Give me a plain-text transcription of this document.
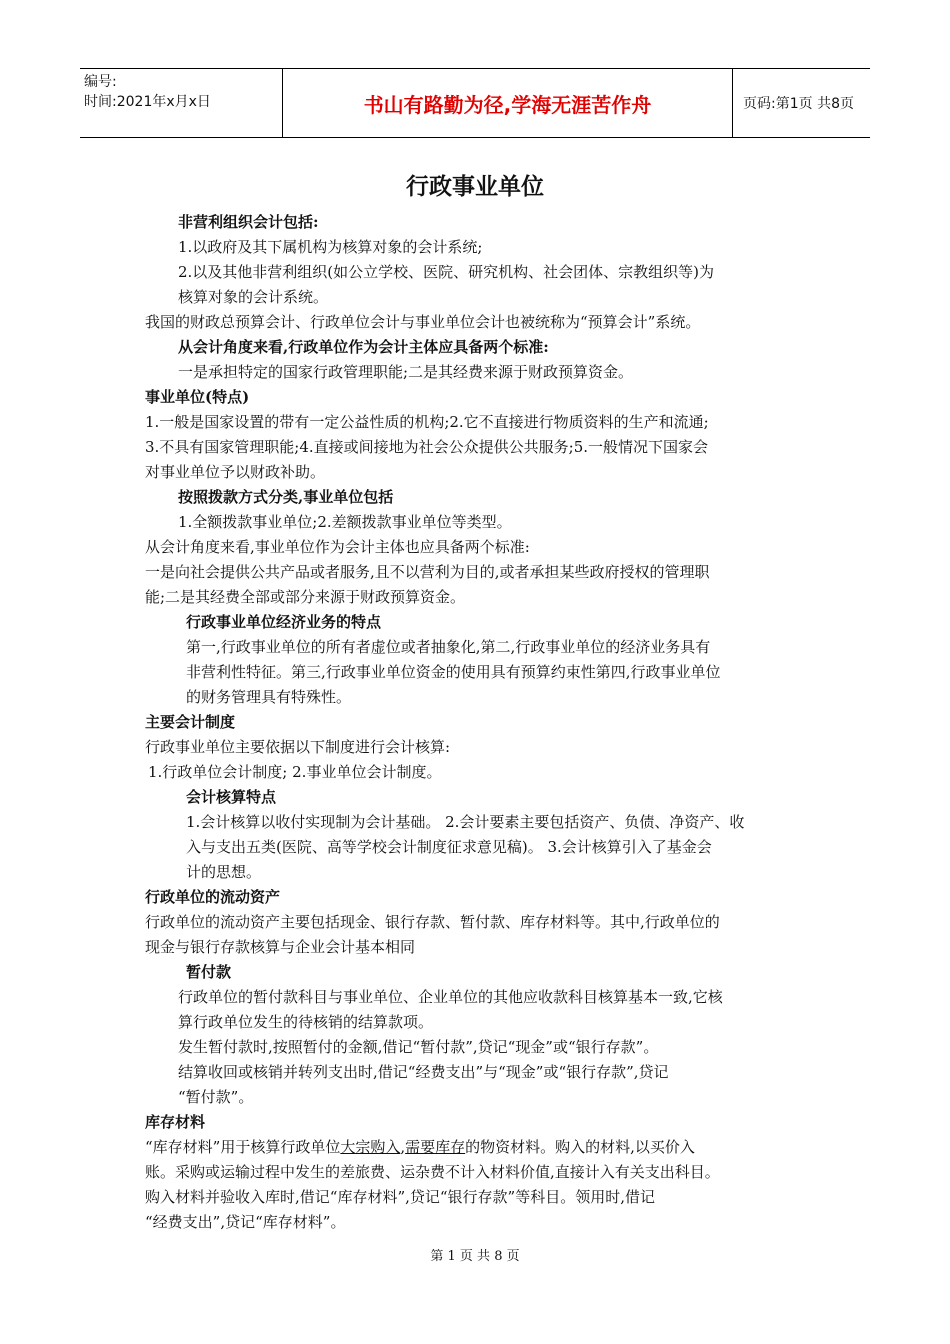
编号:
时间:2021年x月x日	书山有路勤为径,学海无涯苦作舟	页码:第1页 共8页
行政事业单位
非营利组织会计包括:
1.以政府及其下属机构为核算对象的会计系统;
2.以及其他非营利组织(如公立学校、医院、研究机构、社会团体、宗教组织等)为
核算对象的会计系统。
我国的财政总预算会计、行政单位会计与事业单位会计也被统称为“预算会计”系统。
从会计角度来看,行政单位作为会计主体应具备两个标准:
一是承担特定的国家行政管理职能;二是其经费来源于财政预算资金。
事业单位(特点)
1.一般是国家设置的带有一定公益性质的机构;2.它不直接进行物质资料的生产和流通;
3.不具有国家管理职能;4.直接或间接地为社会公众提供公共服务;5.一般情况下国家会
对事业单位予以财政补助。
按照拨款方式分类,事业单位包括
1.全额拨款事业单位;2.差额拨款事业单位等类型。
从会计角度来看,事业单位作为会计主体也应具备两个标准:
一是向社会提供公共产品或者服务,且不以营利为目的,或者承担某些政府授权的管理职
能;二是其经费全部或部分来源于财政预算资金。
行政事业单位经济业务的特点
第一,行政事业单位的所有者虚位或者抽象化,第二,行政事业单位的经济业务具有
非营利性特征。第三,行政事业单位资金的使用具有预算约束性第四,行政事业单位
的财务管理具有特殊性。
主要会计制度
行政事业单位主要依据以下制度进行会计核算:
1.行政单位会计制度; 2.事业单位会计制度。
会计核算特点
1.会计核算以收付实现制为会计基础。 2.会计要素主要包括资产、负债、净资产、收
入与支出五类(医院、高等学校会计制度征求意见稿)。 3.会计核算引入了基金会
计的思想。
行政单位的流动资产
行政单位的流动资产主要包括现金、银行存款、暂付款、库存材料等。其中,行政单位的
现金与银行存款核算与企业会计基本相同
暂付款
行政单位的暂付款科目与事业单位、企业单位的其他应收款科目核算基本一致,它核
算行政单位发生的待核销的结算款项。
发生暂付款时,按照暂付的金额,借记“暂付款”,贷记“现金”或“银行存款”。
结算收回或核销并转列支出时,借记“经费支出”与“现金”或“银行存款”,贷记
“暂付款”。
库存材料
“库存材料”用于核算行政单位大宗购入,需要库存的物资材料。购入的材料,以买价入
账。采购或运输过程中发生的差旅费、运杂费不计入材料价值,直接计入有关支出科目。
购入材料并验收入库时,借记“库存材料”,贷记“银行存款”等科目。领用时,借记
“经费支出”,贷记“库存材料”。
第 1 页 共 8 页
